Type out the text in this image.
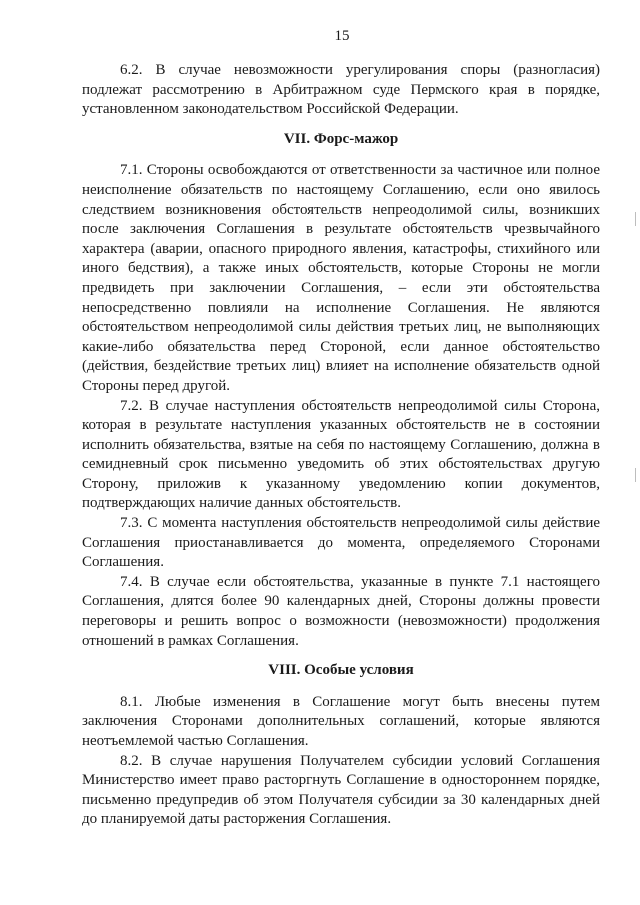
15

6.2. В случае невозможности урегулирования споры (разногласия) подлежат рассмотрению в Арбитражном суде Пермского края в порядке, установленном законодательством Российской Федерации.

VII. Форс-мажор

7.1. Стороны освобождаются от ответственности за частичное или полное неисполнение обязательств по настоящему Соглашению, если оно явилось следствием возникновения обстоятельств непреодолимой силы, возникших после заключения Соглашения в результате обстоятельств чрезвычайного характера (аварии, опасного природного явления, катастрофы, стихийного или иного бедствия), а также иных обстоятельств, которые Стороны не могли предвидеть при заключении Соглашения, – если эти обстоятельства непосредственно повлияли на исполнение Соглашения. Не являются обстоятельством непреодолимой силы действия третьих лиц, не выполняющих какие-либо обязательства перед Стороной, если данное обстоятельство (действия, бездействие третьих лиц) влияет на исполнение обязательств одной Стороны перед другой.

7.2. В случае наступления обстоятельств непреодолимой силы Сторона, которая в результате наступления указанных обстоятельств не в состоянии исполнить обязательства, взятые на себя по настоящему Соглашению, должна в семидневный срок письменно уведомить об этих обстоятельствах другую Сторону, приложив к указанному уведомлению копии документов, подтверждающих наличие данных обстоятельств.

7.3. С момента наступления обстоятельств непреодолимой силы действие Соглашения приостанавливается до момента, определяемого Сторонами Соглашения.

7.4. В случае если обстоятельства, указанные в пункте 7.1 настоящего Соглашения, длятся более 90 календарных дней, Стороны должны провести переговоры и решить вопрос о возможности (невозможности) продолжения отношений в рамках Соглашения.

VIII. Особые условия

8.1. Любые изменения в Соглашение могут быть внесены путем заключения Сторонами дополнительных соглашений, которые являются неотъемлемой частью Соглашения.

8.2. В случае нарушения Получателем субсидии условий Соглашения Министерство имеет право расторгнуть Соглашение в одностороннем порядке, письменно предупредив об этом Получателя субсидии за 30 календарных дней до планируемой даты расторжения Соглашения.
